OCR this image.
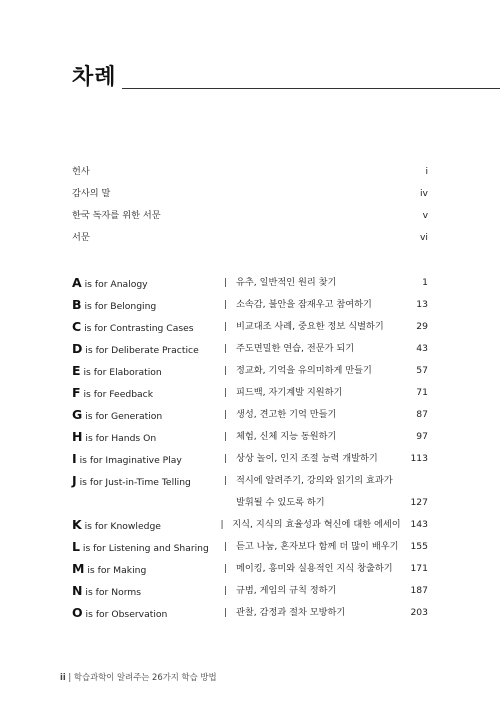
차례
헌사	i
감사의 말	iv
한국 독자를 위한 서문	v
서문	vi
A is for Analogy	| 유추, 일반적인 원리 찾기	1
B is for Belonging	| 소속감, 불안을 잠재우고 참여하기	13
C is for Contrasting Cases	| 비교대조 사례, 중요한 정보 식별하기	29
D is for Deliberate Practice	| 주도면밀한 연습, 전문가 되기	43
E is for Elaboration	| 정교화, 기억을 유의미하게 만들기	57
F is for Feedback	| 피드백, 자기계발 지원하기	71
G is for Generation	| 생성, 견고한 기억 만들기	87
H is for Hands On	| 체험, 신체 지능 동원하기	97
I is for Imaginative Play	| 상상 놀이, 인지 조절 능력 개발하기	113
J is for Just-in-Time Telling	| 적시에 알려주기, 강의와 읽기의 효과가
발휘될 수 있도록 하기	127
K is for Knowledge	| 지식, 지식의 효율성과 혁신에 대한 에세이	143
L is for Listening and Sharing	| 듣고 나눔, 혼자보다 함께 더 많이 배우기	155
M is for Making	| 메이킹, 흥미와 실용적인 지식 창출하기	171
N is for Norms	| 규범, 게임의 규칙 정하기	187
O is for Observation	| 관찰, 감정과 절차 모방하기	203
ii | 학습과학이 알려주는 26가지 학습 방법
